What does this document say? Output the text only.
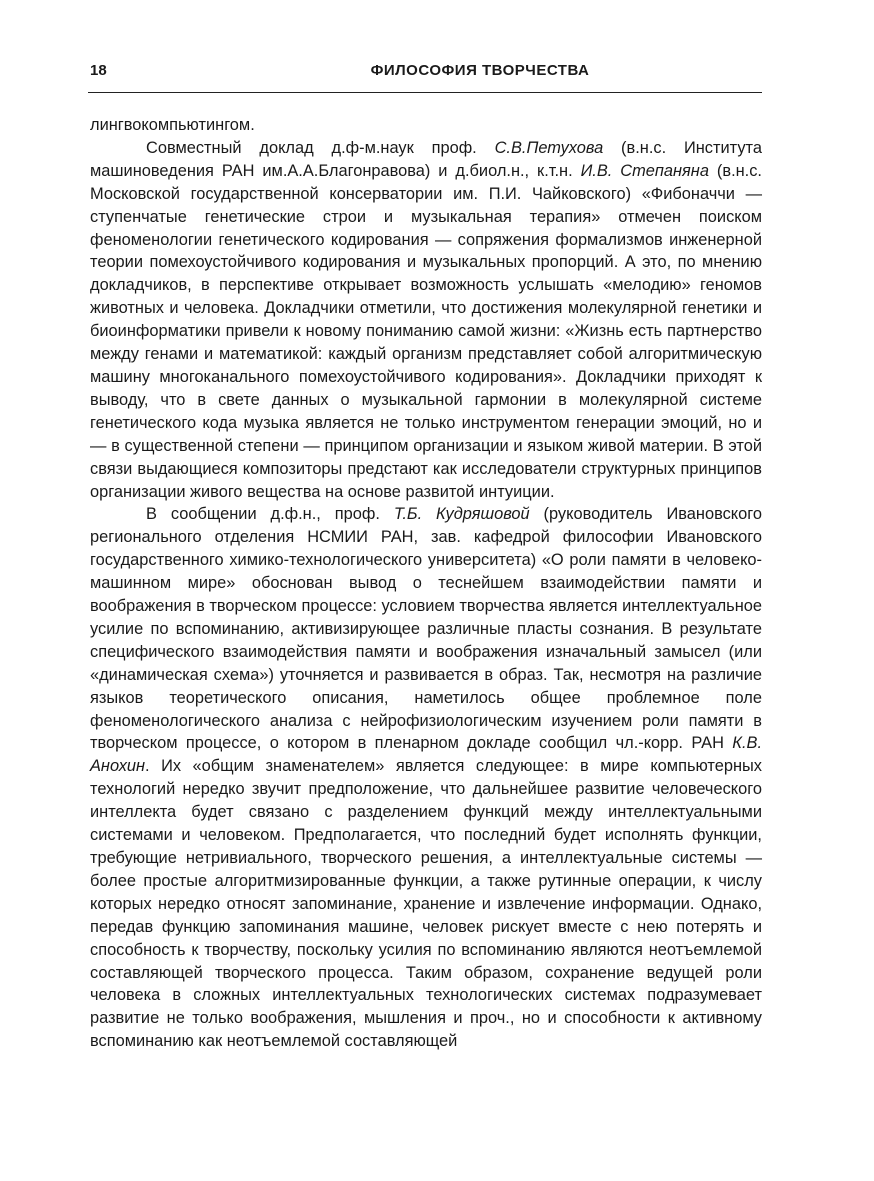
18	ФИЛОСОФИЯ ТВОРЧЕСТВА

лингвокомпьютингом.

Совместный доклад д.ф-м.наук проф. С.В.Петухова (в.н.с. Института машиноведения РАН им.А.А.Благонравова) и д.биол.н., к.т.н. И.В. Степаняна (в.н.с. Московской государственной консерватории им. П.И. Чайковского) «Фибоначчи — ступенчатые генетические строи и музыкальная терапия» отмечен поиском феноменологии генетического кодирования — сопряжения формализмов инженерной теории помехоустойчивого кодирования и музыкальных пропорций. А это, по мнению докладчиков, в перспективе открывает возможность услышать «мелодию» геномов животных и человека. Докладчики отметили, что достижения молекулярной генетики и биоинформатики привели к новому пониманию самой жизни: «Жизнь есть партнерство между генами и математикой: каждый организм представляет собой алгоритмическую машину многоканального помехоустойчивого кодирования». Докладчики приходят к выводу, что в свете данных о музыкальной гармонии в молекулярной системе генетического кода музыка является не только инструментом генерации эмоций, но и — в существенной степени — принципом организации и языком живой материи. В этой связи выдающиеся композиторы предстают как исследователи структурных принципов организации живого вещества на основе развитой интуиции.

В сообщении д.ф.н., проф. Т.Б. Кудряшовой (руководитель Ивановского регионального отделения НСМИИ РАН, зав. кафедрой философии Ивановского государственного химико-технологического университета) «О роли памяти в человеко-машинном мире» обоснован вывод о теснейшем взаимодействии памяти и воображения в творческом процессе: условием творчества является интеллектуальное усилие по вспоминанию, активизирующее различные пласты сознания. В результате специфического взаимодействия памяти и воображения изначальный замысел (или «динамическая схема») уточняется и развивается в образ. Так, несмотря на различие языков теоретического описания, наметилось общее проблемное поле феноменологического анализа с нейрофизиологическим изучением роли памяти в творческом процессе, о котором в пленарном докладе сообщил чл.-корр. РАН К.В. Анохин. Их «общим знаменателем» является следующее: в мире компьютерных технологий нередко звучит предположение, что дальнейшее развитие человеческого интеллекта будет связано с разделением функций между интеллектуальными системами и человеком. Предполагается, что последний будет исполнять функции, требующие нетривиального, творческого решения, а интеллектуальные системы — более простые алгоритмизированные функции, а также рутинные операции, к числу которых нередко относят запоминание, хранение и извлечение информации. Однако, передав функцию запоминания машине, человек рискует вместе с нею потерять и способность к творчеству, поскольку усилия по вспоминанию являются неотъемлемой составляющей творческого процесса. Таким образом, сохранение ведущей роли человека в сложных интеллектуальных технологических системах подразумевает развитие не только воображения, мышления и проч., но и способности к активному вспоминанию как неотъемлемой составляющей
